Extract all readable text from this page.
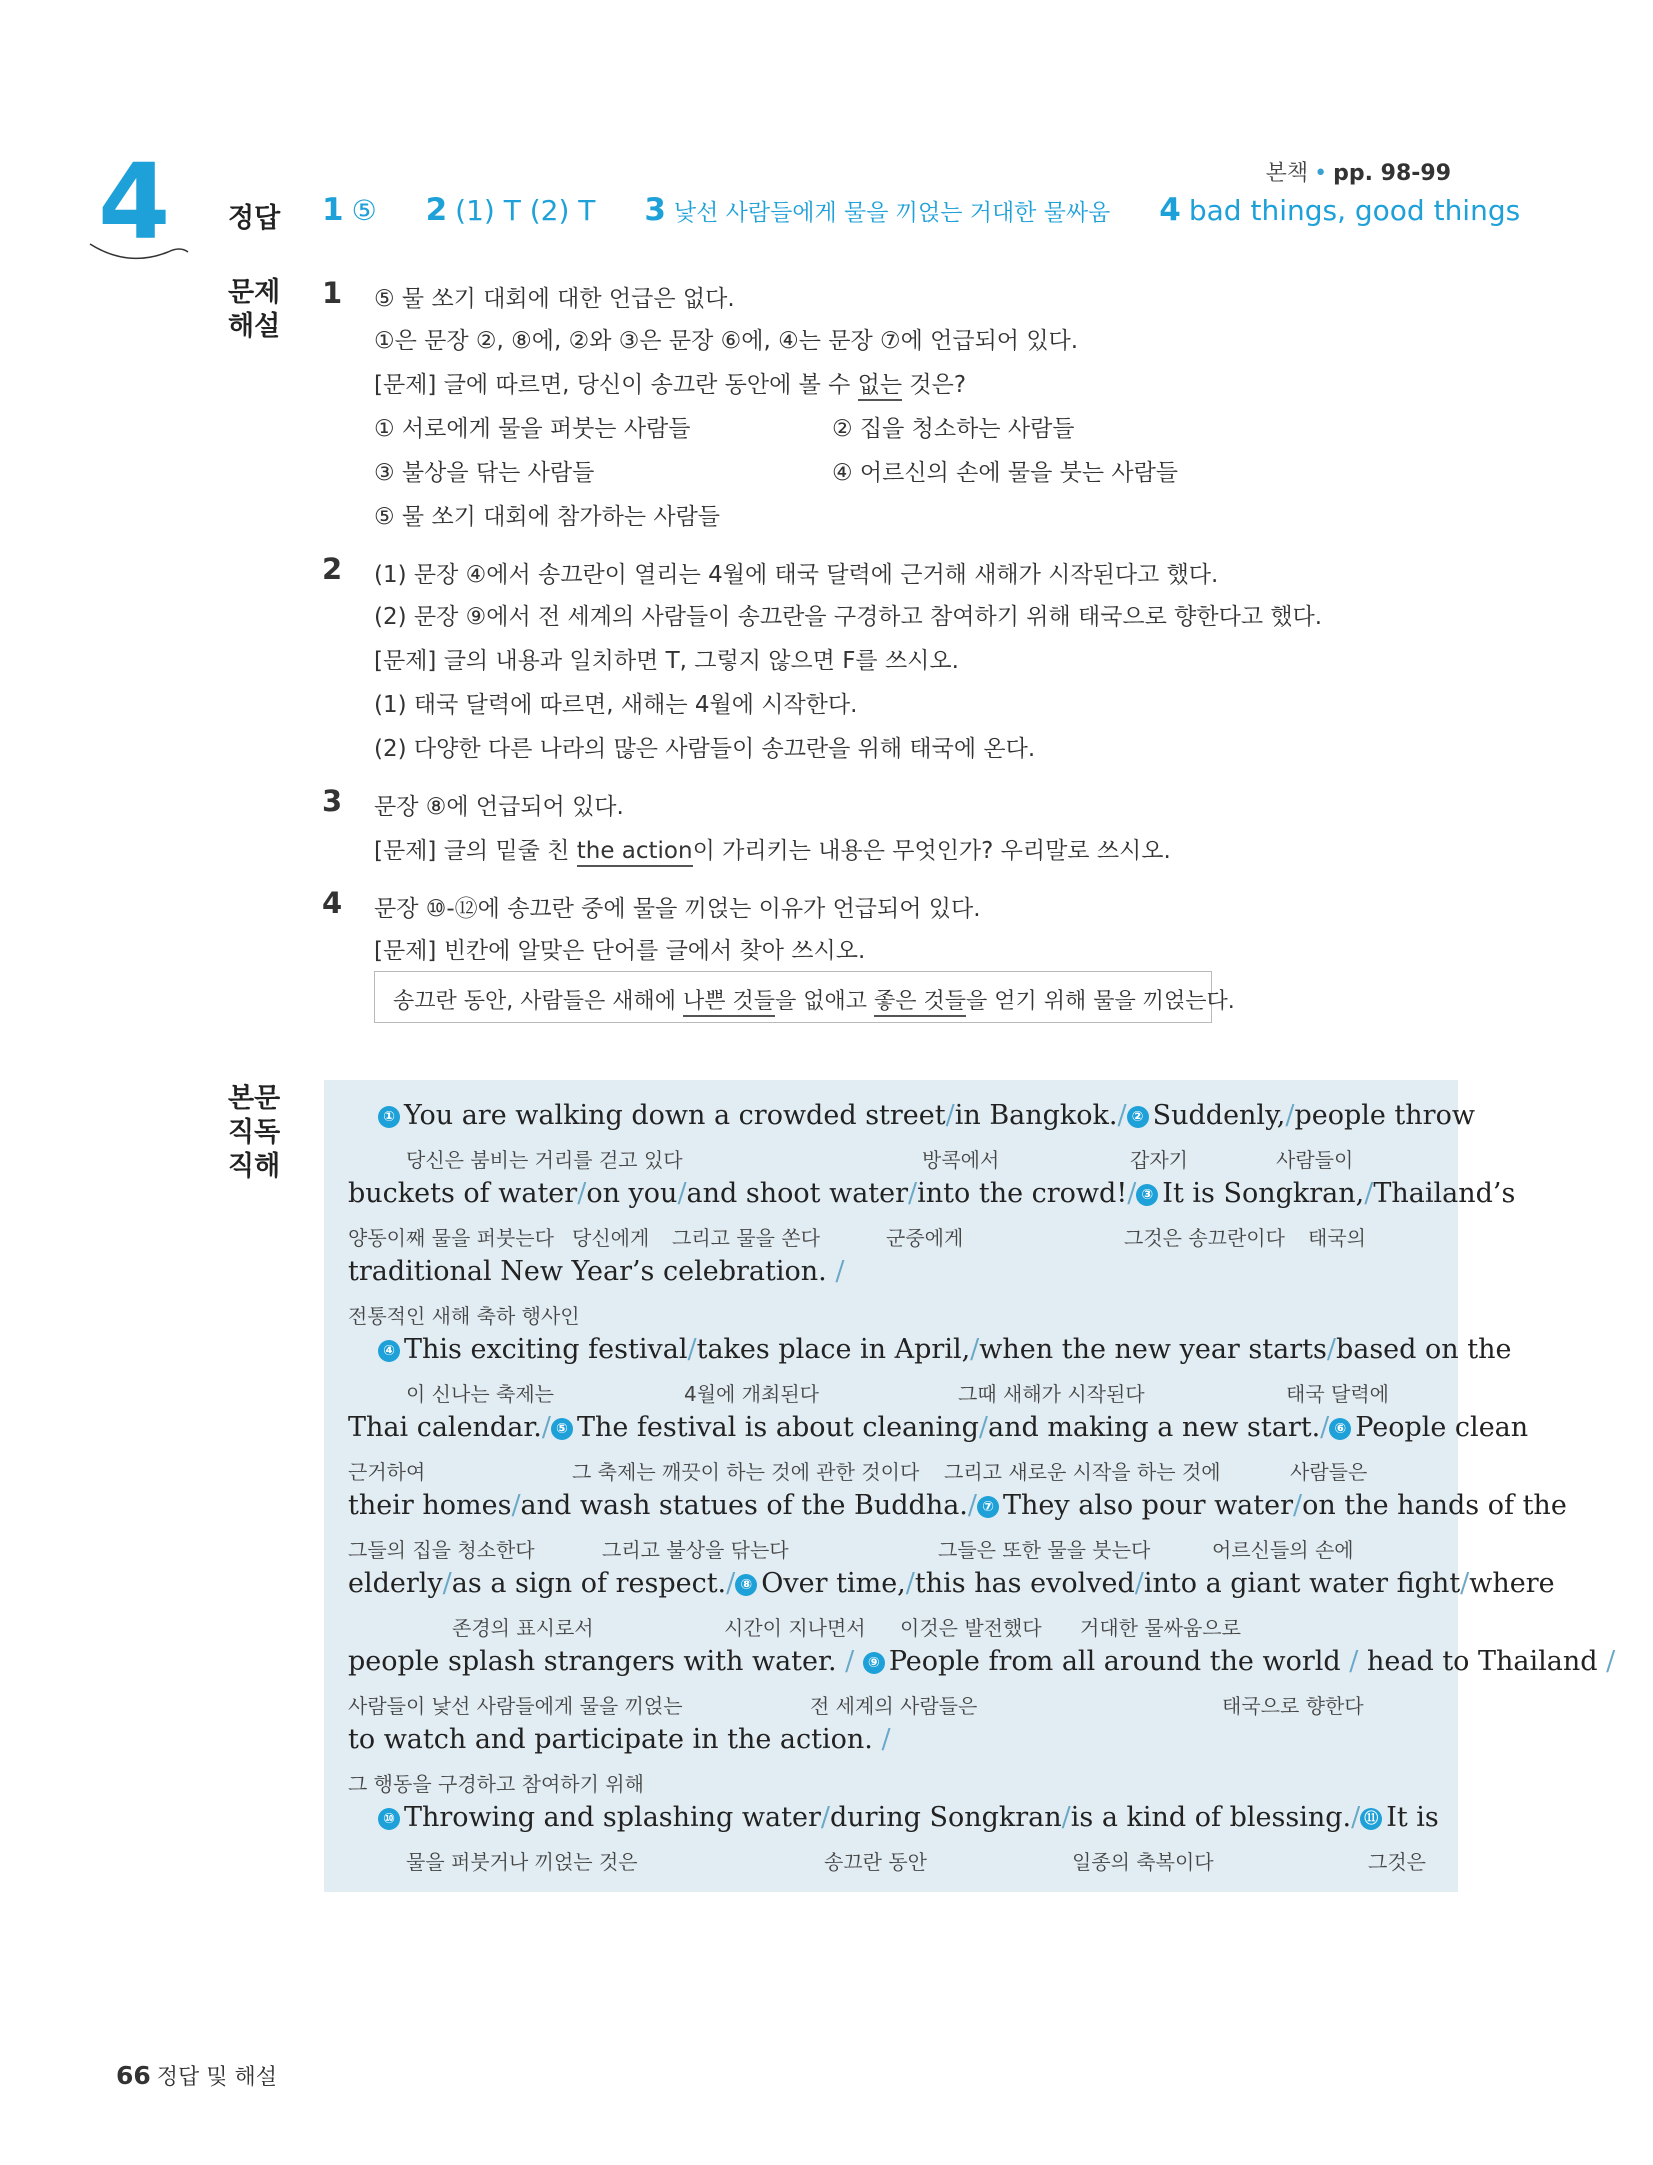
본책 • pp. 98-99
4 정답 1 ⑤ 2 (1) T (2) T 3 낯선 사람들에게 물을 끼얹는 거대한 물싸움 4 bad things, good things
문제
해설
1 ⑤ 물 쏘기 대회에 대한 언급은 없다.
①은 문장 ②, ⑧에, ②와 ③은 문장 ⑥에, ④는 문장 ⑦에 언급되어 있다.
[문제] 글에 따르면, 당신이 송끄란 동안에 볼 수 없는 것은?
① 서로에게 물을 퍼붓는 사람들	② 집을 청소하는 사람들
③ 불상을 닦는 사람들	④ 어르신의 손에 물을 붓는 사람들
⑤ 물 쏘기 대회에 참가하는 사람들
2 (1) 문장 ④에서 송끄란이 열리는 4월에 태국 달력에 근거해 새해가 시작된다고 했다.
(2) 문장 ⑨에서 전 세계의 사람들이 송끄란을 구경하고 참여하기 위해 태국으로 향한다고 했다.
[문제] 글의 내용과 일치하면 T, 그렇지 않으면 F를 쓰시오.
(1) 태국 달력에 따르면, 새해는 4월에 시작한다.
(2) 다양한 다른 나라의 많은 사람들이 송끄란을 위해 태국에 온다.
3 문장 ⑧에 언급되어 있다.
[문제] 글의 밑줄 친 the action이 가리키는 내용은 무엇인가? 우리말로 쓰시오.
4 문장 ⑩-⑫에 송끄란 중에 물을 끼얹는 이유가 언급되어 있다.
[문제] 빈칸에 알맞은 단어를 글에서 찾아 쓰시오.
송끄란 동안, 사람들은 새해에 나쁜 것들을 없애고 좋은 것들을 얻기 위해 물을 끼얹는다.
본문
직독
직해
① You are walking down a crowded street / in Bangkok. / ② Suddenly, / people throw
당신은 붐비는 거리를 걷고 있다	방콕에서	갑자기	사람들이
buckets of water / on you / and shoot water / into the crowd! / ③ It is Songkran, / Thailand’s
양동이째 물을 퍼붓는다 당신에게 그리고 물을 쏜다	군중에게	그것은 송끄란이다 태국의
traditional New Year’s celebration.
/
전통적인 새해 축하 행사인
④ This exciting festival / takes place in April, / when the new year starts / based on the
이 신나는 축제는	4월에 개최된다	그때 새해가 시작된다	태국 달력에
Thai calendar. / ⑤ The festival is about cleaning / and making a new start. / ⑥ People clean
근거하여	그 축제는 깨끗이 하는 것에 관한 것이다 그리고 새로운 시작을 하는 것에	사람들은
their homes / and wash statues of the Buddha. / ⑦ They also pour water / on the hands of the
그들의 집을 청소한다	그리고 불상을 닦는다	그들은 또한 물을 붓는다	어르신들의 손에
elderly / as a sign of respect. / ⑧ Over time, / this has evolved / into a giant water fight / where
존경의 표시로서	시간이 지나면서 이것은 발전했다 거대한 물싸움으로
people splash strangers with water.
/
⑨ People from all around the world
/
head to Thailand
/
사람들이 낯선 사람들에게 물을 끼얹는	전 세계의 사람들은	태국으로 향한다
to watch and participate in the action.
/
그 행동을 구경하고 참여하기 위해
⑩ Throwing and splashing water / during Songkran / is a kind of blessing. / ⑪ It is
물을 퍼붓거나 끼얹는 것은	송끄란 동안	일종의 축복이다	그것은
66 정답 및 해설
